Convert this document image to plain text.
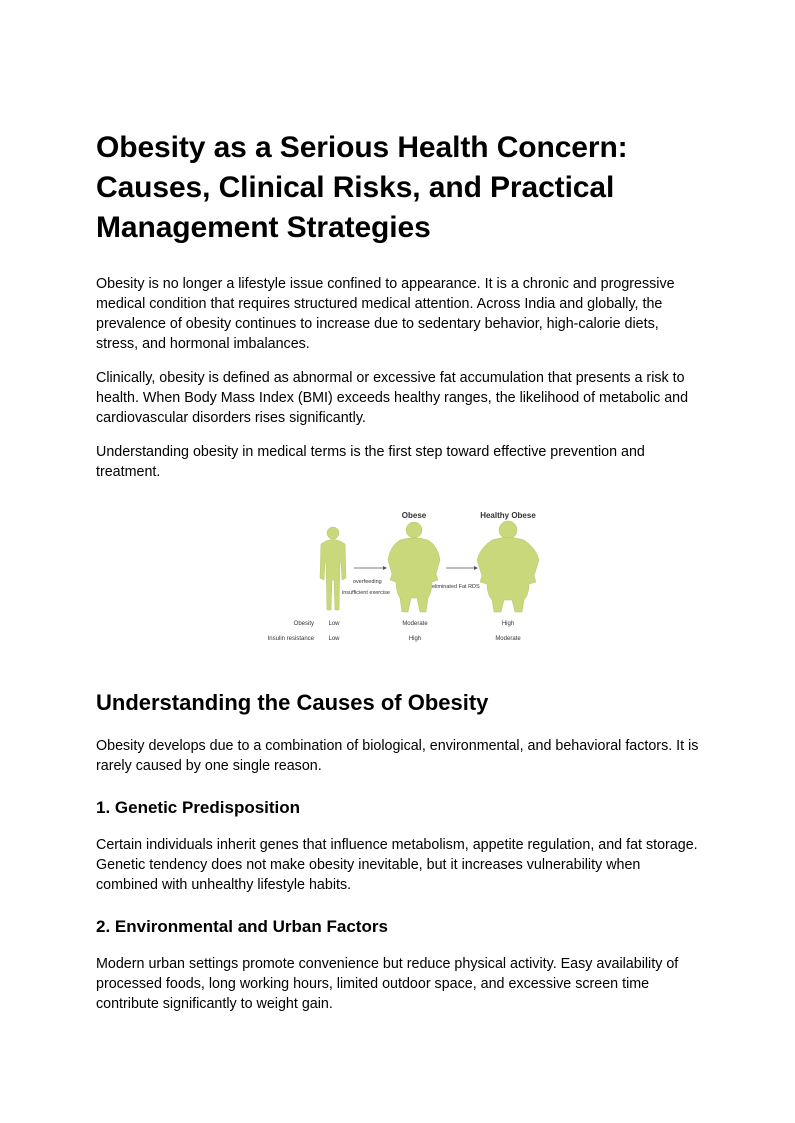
Obesity as a Serious Health Concern: Causes, Clinical Risks, and Practical Management Strategies

Obesity is no longer a lifestyle issue confined to appearance. It is a chronic and progressive medical condition that requires structured medical attention. Across India and globally, the prevalence of obesity continues to increase due to sedentary behavior, high-calorie diets, stress, and hormonal imbalances.

Clinically, obesity is defined as abnormal or excessive fat accumulation that presents a risk to health. When Body Mass Index (BMI) exceeds healthy ranges, the likelihood of metabolic and cardiovascular disorders rises significantly.

Understanding obesity in medical terms is the first step toward effective prevention and treatment.

Obese	Healthy Obese
overfeeding
insufficient exercise
eliminated Fat RDS
Obesity Low	Moderate	High
Insulin resistance Low	High	Moderate
Understanding the Causes of Obesity

Obesity develops due to a combination of biological, environmental, and behavioral factors. It is rarely caused by one single reason.

1. Genetic Predisposition

Certain individuals inherit genes that influence metabolism, appetite regulation, and fat storage. Genetic tendency does not make obesity inevitable, but it increases vulnerability when combined with unhealthy lifestyle habits.

2. Environmental and Urban Factors

Modern urban settings promote convenience but reduce physical activity. Easy availability of processed foods, long working hours, limited outdoor space, and excessive screen time contribute significantly to weight gain.
